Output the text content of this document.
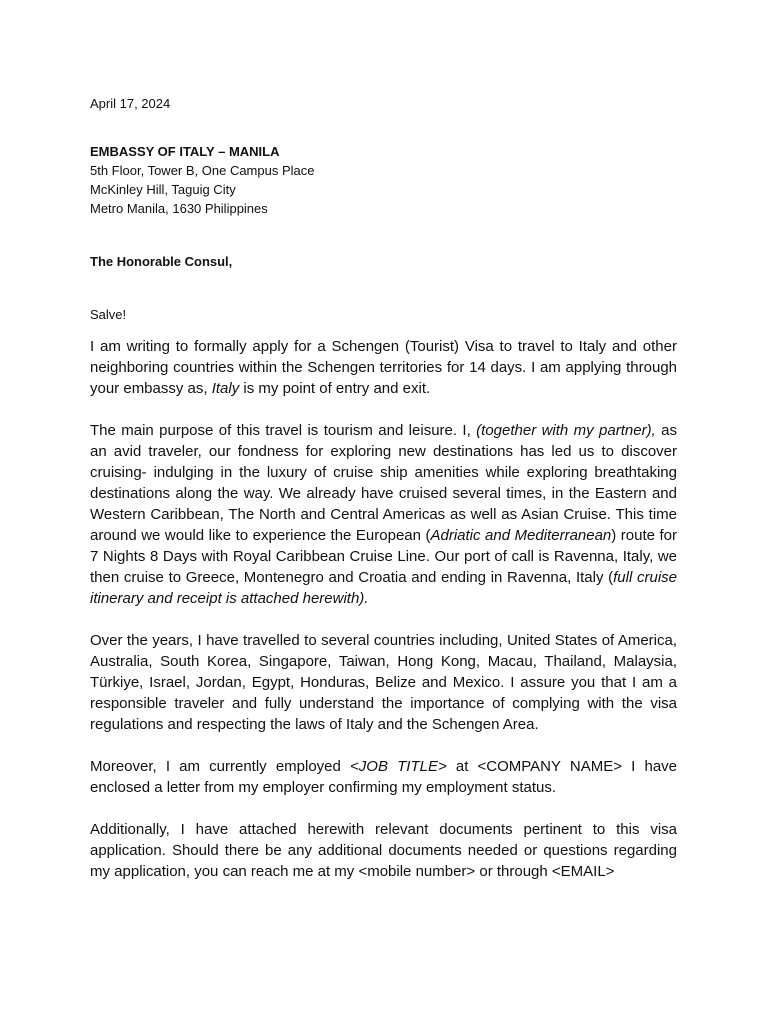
April 17, 2024

EMBASSY OF ITALY – MANILA
5th Floor, Tower B, One Campus Place
McKinley Hill, Taguig City
Metro Manila, 1630 Philippines

The Honorable Consul,

Salve!

I am writing to formally apply for a Schengen (Tourist) Visa to travel to Italy and other neighboring countries within the Schengen territories for 14 days. I am applying through your embassy as, Italy is my point of entry and exit.

The main purpose of this travel is tourism and leisure. I, (together with my partner), as an avid traveler, our fondness for exploring new destinations has led us to discover cruising- indulging in the luxury of cruise ship amenities while exploring breathtaking destinations along the way. We already have cruised several times, in the Eastern and Western Caribbean, The North and Central Americas as well as Asian Cruise. This time around we would like to experience the European (Adriatic and Mediterranean) route for 7 Nights 8 Days with Royal Caribbean Cruise Line. Our port of call is Ravenna, Italy, we then cruise to Greece, Montenegro and Croatia and ending in Ravenna, Italy (full cruise itinerary and receipt is attached herewith).

Over the years, I have travelled to several countries including, United States of America, Australia, South Korea, Singapore, Taiwan, Hong Kong, Macau, Thailand, Malaysia, Türkiye, Israel, Jordan, Egypt, Honduras, Belize and Mexico. I assure you that I am a responsible traveler and fully understand the importance of complying with the visa regulations and respecting the laws of Italy and the Schengen Area.

Moreover, I am currently employed <JOB TITLE> at <COMPANY NAME> I have enclosed a letter from my employer confirming my employment status.

Additionally, I have attached herewith relevant documents pertinent to this visa application. Should there be any additional documents needed or questions regarding my application, you can reach me at my <mobile number> or through <EMAIL>
